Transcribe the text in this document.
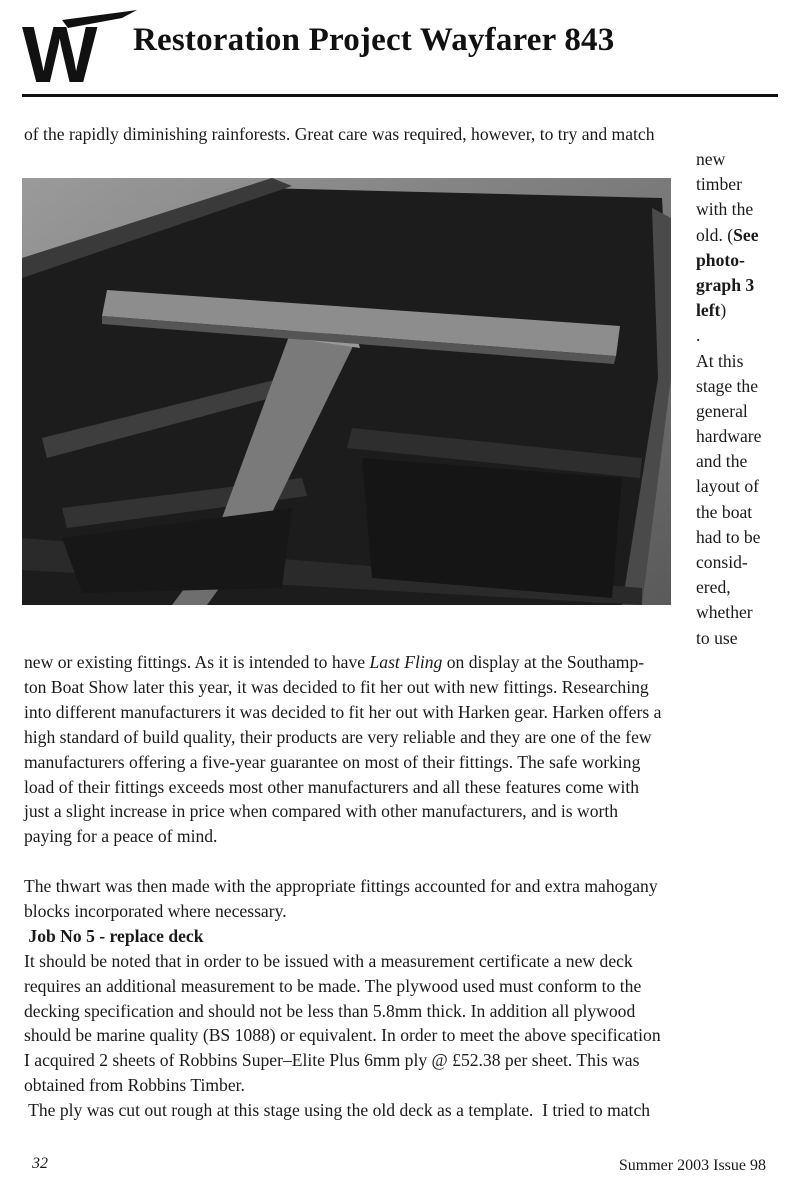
W Restoration Project Wayfarer 843

of the rapidly diminishing rainforests. Great care was required, however, to try and match

new
timber
with the
old. (See
photo-
graph 3
left)
.
At this
stage the
general
hardware
and the
layout of
the boat
had to be
consid-
ered,
whether
to use
new or existing fittings. As it is intended to have Last Fling on display at the Southamp-
ton Boat Show later this year, it was decided to fit her out with new fittings. Researching
into different manufacturers it was decided to fit her out with Harken gear. Harken offers a
high standard of build quality, their products are very reliable and they are one of the few
manufacturers offering a five-year guarantee on most of their fittings. The safe working
load of their fittings exceeds most other manufacturers and all these features come with
just a slight increase in price when compared with other manufacturers, and is worth
paying for a peace of mind.
The thwart was then made with the appropriate fittings accounted for and extra mahogany
blocks incorporated where necessary.
Job No 5 - replace deck
It should be noted that in order to be issued with a measurement certificate a new deck
requires an additional measurement to be made. The plywood used must conform to the
decking specification and should not be less than 5.8mm thick. In addition all plywood
should be marine quality (BS 1088) or equivalent. In order to meet the above specification
I acquired 2 sheets of Robbins Super–Elite Plus 6mm ply @ £52.38 per sheet. This was
obtained from Robbins Timber.
The ply was cut out rough at this stage using the old deck as a template.  I tried to match
32	Summer 2003 Issue 98
